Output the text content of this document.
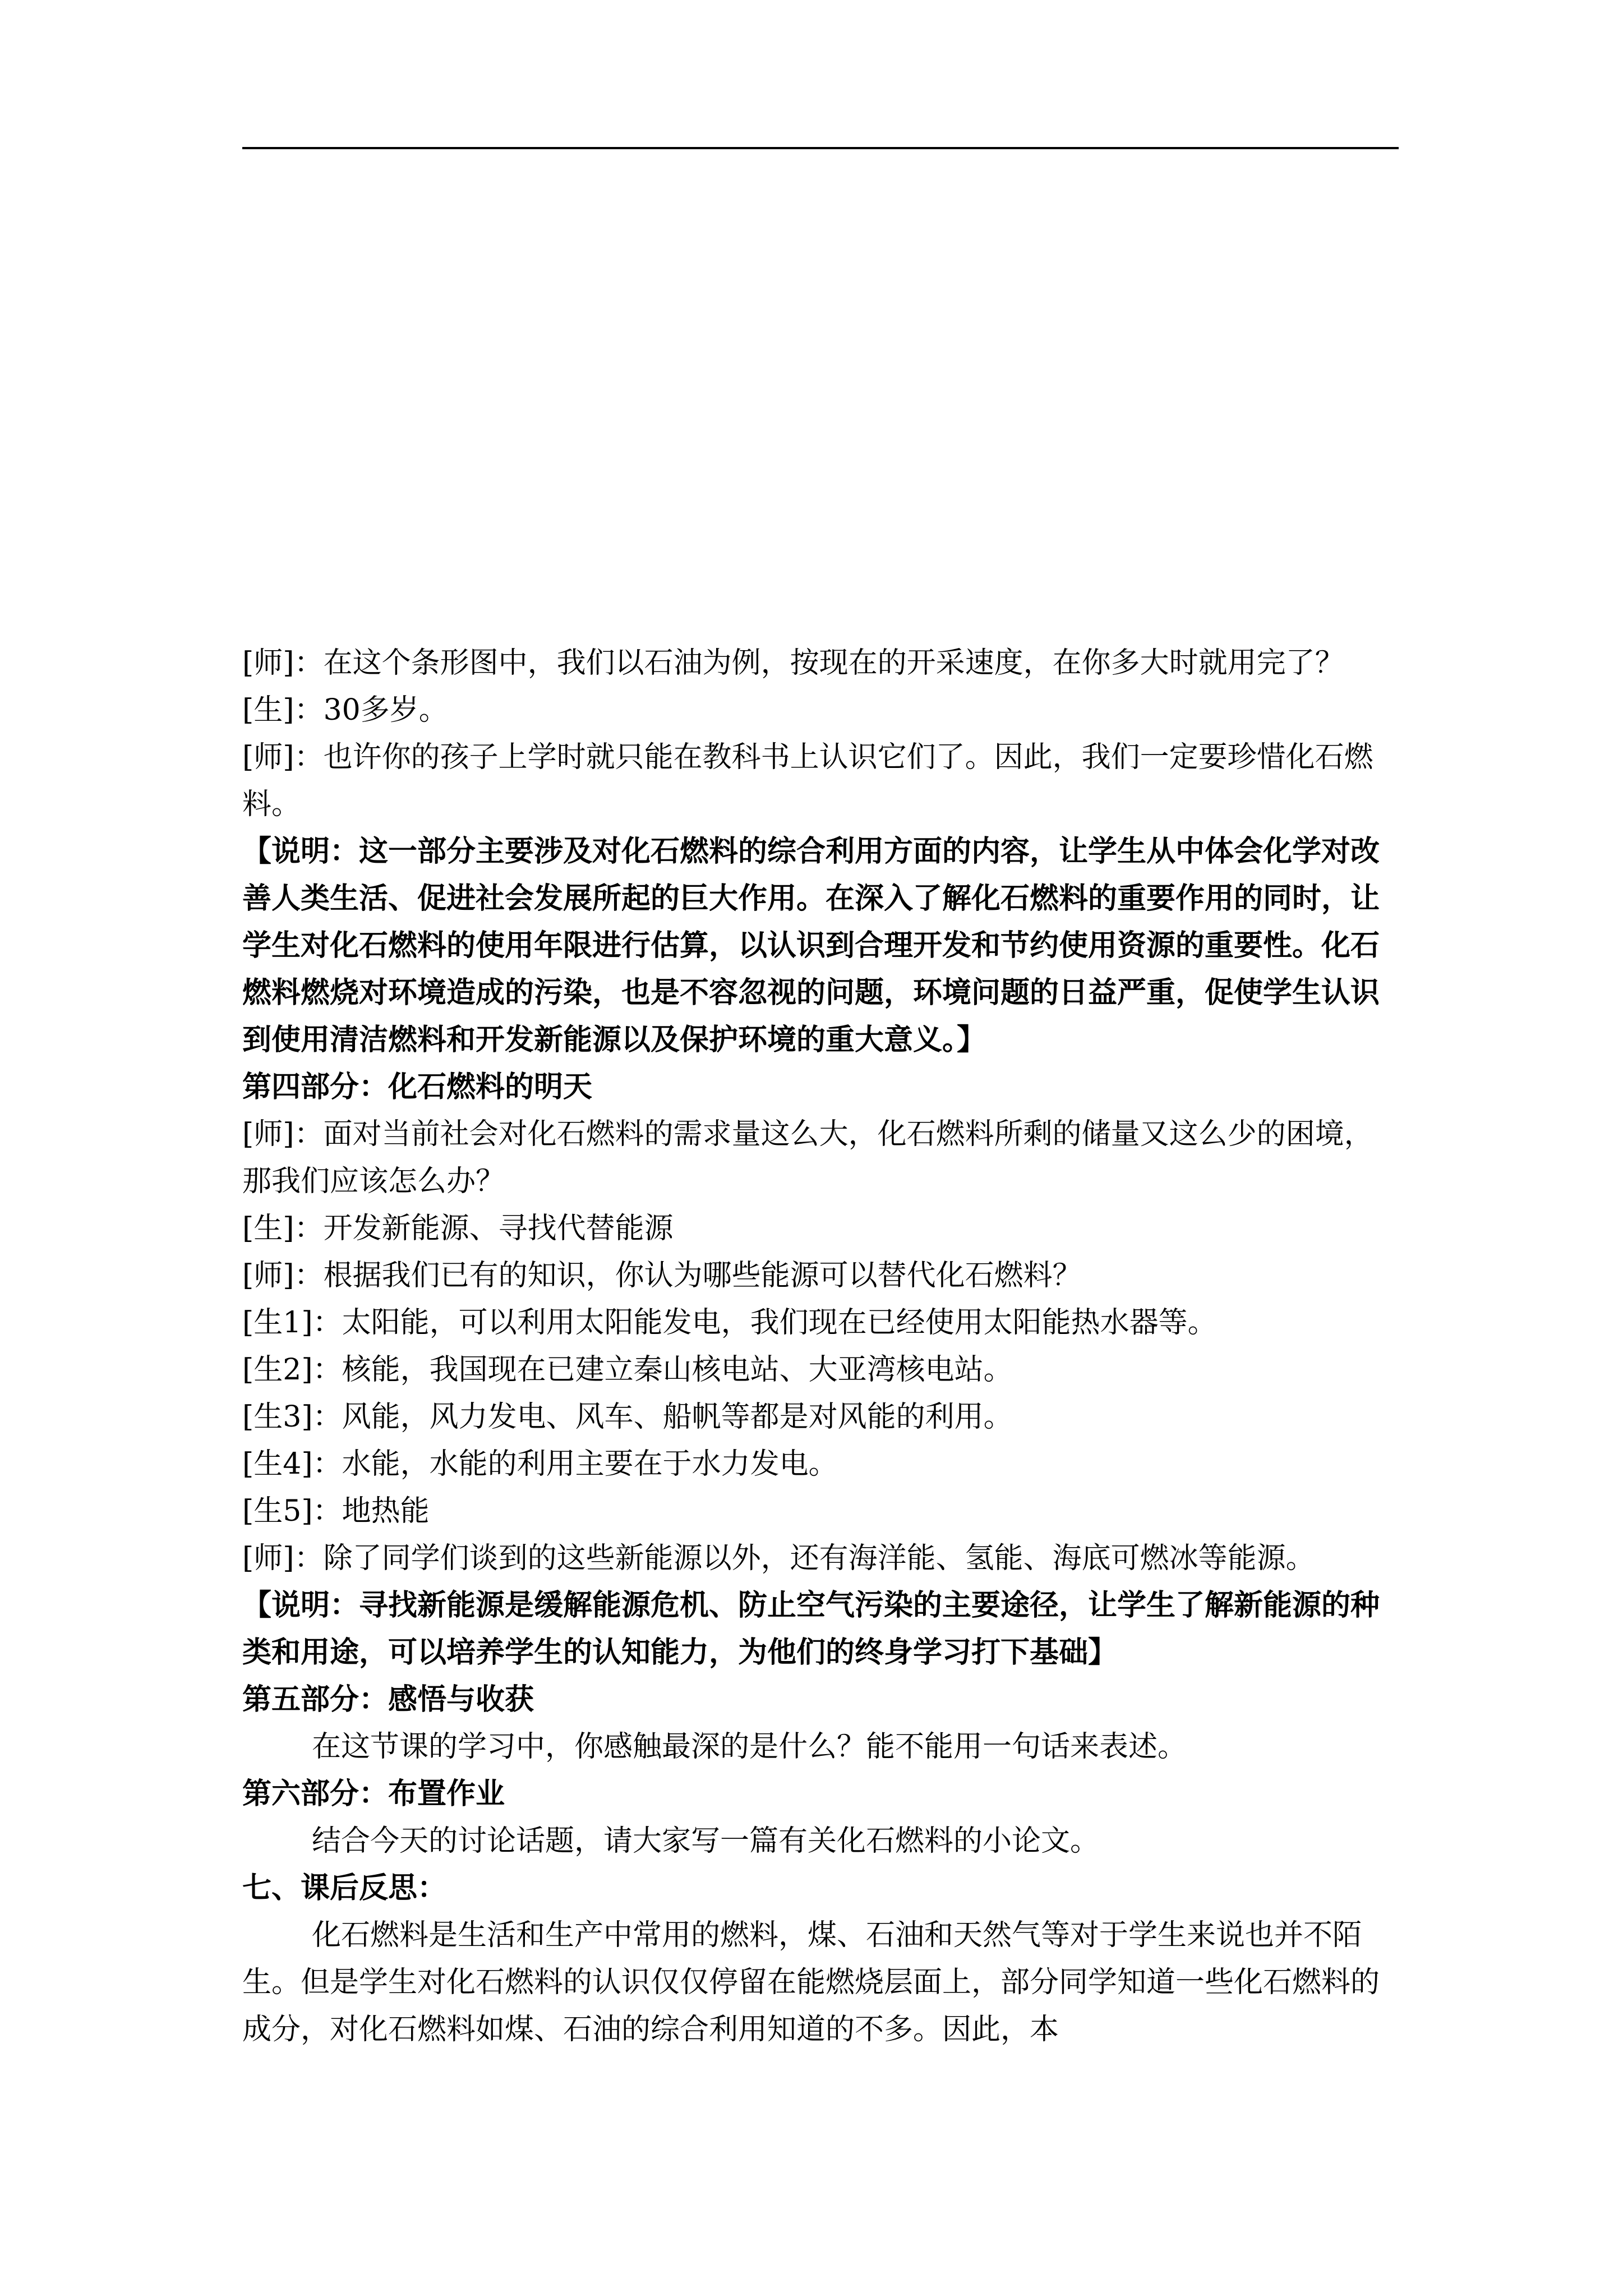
[师]：在这个条形图中，我们以石油为例，按现在的开采速度，在你多大时就用完了？

[生]：30多岁。

[师]：也许你的孩子上学时就只能在教科书上认识它们了。因此，我们一定要珍惜化石燃料。

【说明：这一部分主要涉及对化石燃料的综合利用方面的内容，让学生从中体会化学对改善人类生活、促进社会发展所起的巨大作用。在深入了解化石燃料的重要作用的同时，让学生对化石燃料的使用年限进行估算，以认识到合理开发和节约使用资源的重要性。化石燃料燃烧对环境造成的污染，也是不容忽视的问题，环境问题的日益严重，促使学生认识到使用清洁燃料和开发新能源以及保护环境的重大意义。】

第四部分：化石燃料的明天

[师]：面对当前社会对化石燃料的需求量这么大，化石燃料所剩的储量又这么少的困境，那我们应该怎么办？

[生]：开发新能源、寻找代替能源

[师]：根据我们已有的知识，你认为哪些能源可以替代化石燃料？

[生1]：太阳能，可以利用太阳能发电，我们现在已经使用太阳能热水器等。

[生2]：核能，我国现在已建立秦山核电站、大亚湾核电站。

[生3]：风能，风力发电、风车、船帆等都是对风能的利用。

[生4]：水能，水能的利用主要在于水力发电。

[生5]：地热能

[师]：除了同学们谈到的这些新能源以外，还有海洋能、氢能、海底可燃冰等能源。

【说明：寻找新能源是缓解能源危机、防止空气污染的主要途径，让学生了解新能源的种类和用途，可以培养学生的认知能力，为他们的终身学习打下基础】

第五部分：感悟与收获

在这节课的学习中，你感触最深的是什么？能不能用一句话来表述。

第六部分：布置作业

结合今天的讨论话题，请大家写一篇有关化石燃料的小论文。

七、课后反思：

化石燃料是生活和生产中常用的燃料，煤、石油和天然气等对于学生来说也并不陌生。但是学生对化石燃料的认识仅仅停留在能燃烧层面上，部分同学知道一些化石燃料的成分，对化石燃料如煤、石油的综合利用知道的不多。因此，本
